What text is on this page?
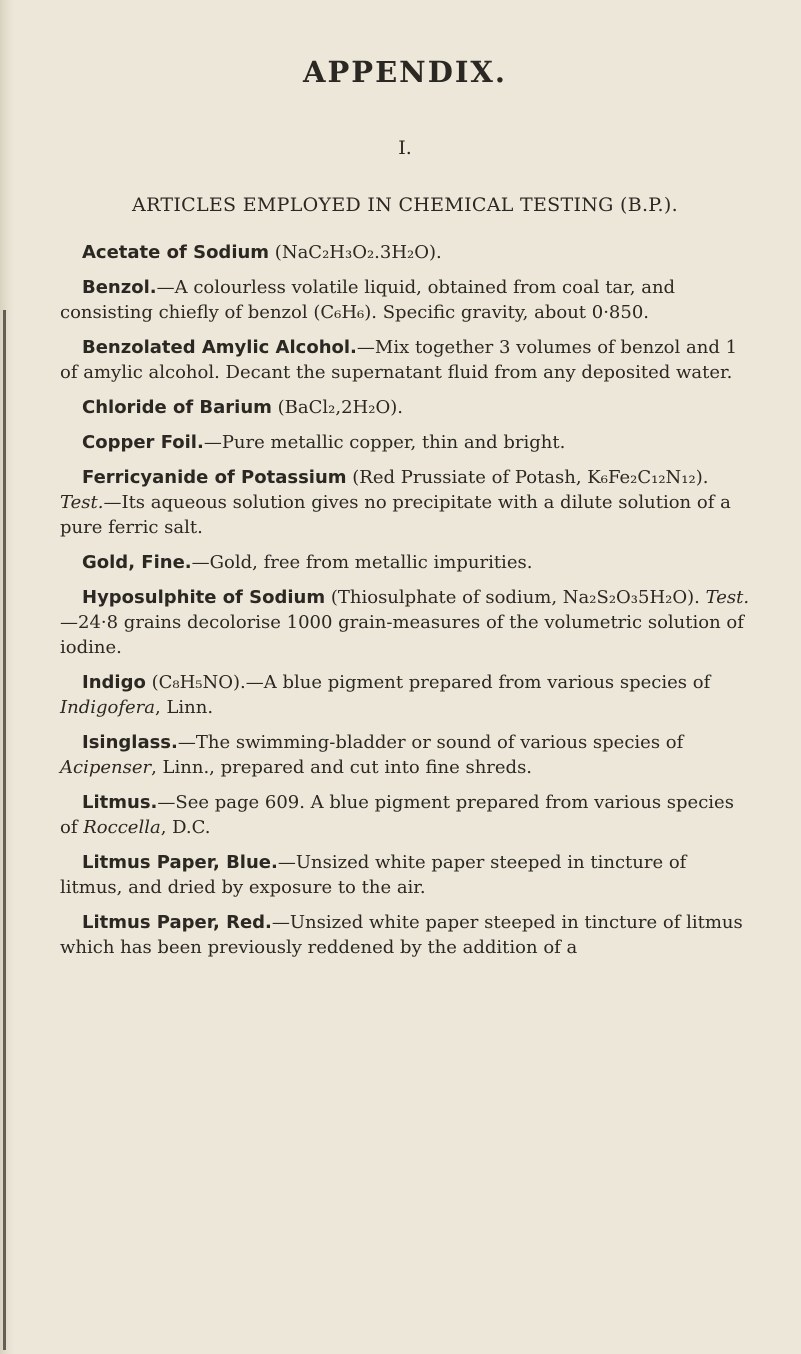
APPENDIX.
I.
ARTICLES EMPLOYED IN CHEMICAL TESTING (B.P.).

Acetate of Sodium (NaC₂H₃O₂.3H₂O).

Benzol.—A colourless volatile liquid, obtained from coal tar, and consisting chiefly of benzol (C₆H₆). Specific gravity, about 0·850.

Benzolated Amylic Alcohol.—Mix together 3 volumes of benzol and 1 of amylic alcohol. Decant the supernatant fluid from any deposited water.

Chloride of Barium (BaCl₂,2H₂O).

Copper Foil.—Pure metallic copper, thin and bright.

Ferricyanide of Potassium (Red Prussiate of Potash, K₆Fe₂C₁₂N₁₂). Test.—Its aqueous solution gives no precipitate with a dilute solution of a pure ferric salt.

Gold, Fine.—Gold, free from metallic impurities.

Hyposulphite of Sodium (Thiosulphate of sodium, Na₂S₂O₃5H₂O). Test.—24·8 grains decolorise 1000 grain-measures of the volumetric solution of iodine.

Indigo (C₈H₅NO).—A blue pigment prepared from various species of Indigofera, Linn.

Isinglass.—The swimming-bladder or sound of various species of Acipenser, Linn., prepared and cut into fine shreds.

Litmus.—See page 609. A blue pigment prepared from various species of Roccella, D.C.

Litmus Paper, Blue.—Unsized white paper steeped in tincture of litmus, and dried by exposure to the air.

Litmus Paper, Red.—Unsized white paper steeped in tincture of litmus which has been previously reddened by the addition of a
